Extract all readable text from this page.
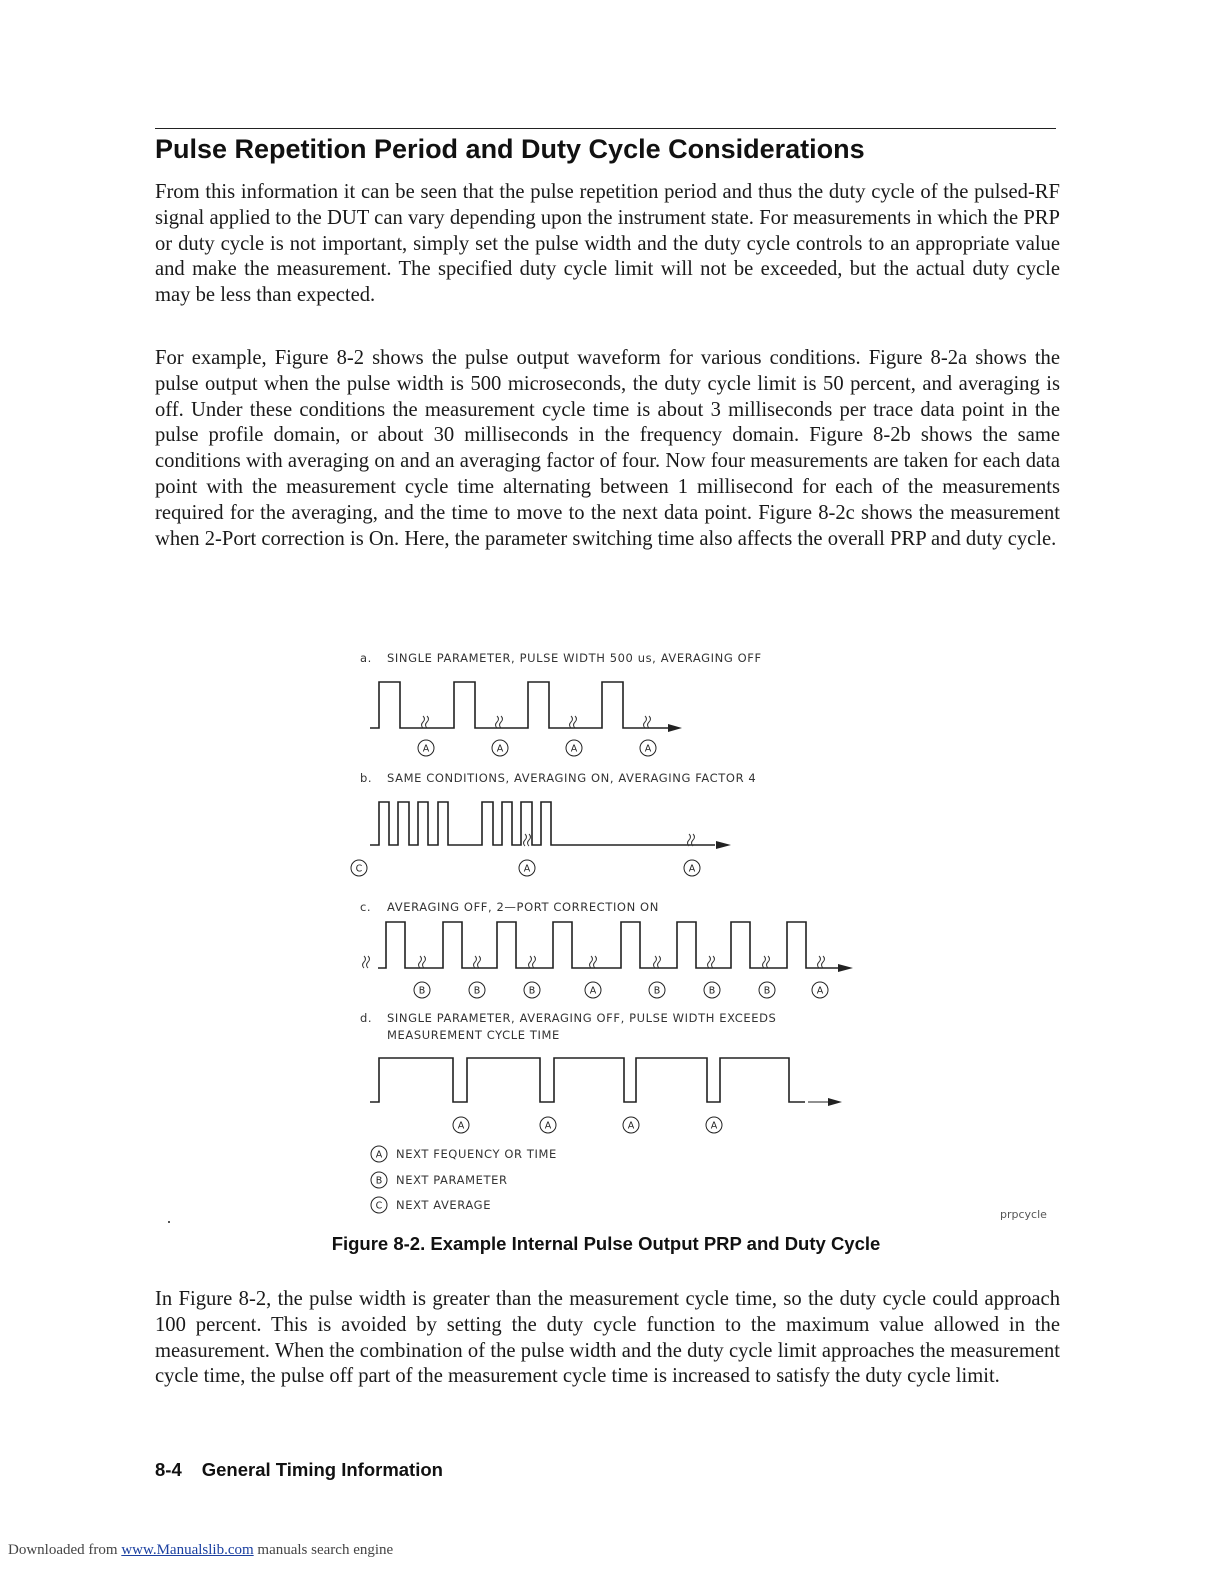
Pulse Repetition Period and Duty Cycle Considerations

From this information it can be seen that the pulse repetition period and thus the duty cycle of the pulsed-RF signal applied to the DUT can vary depending upon the instrument state. For measurements in which the PRP or duty cycle is not important, simply set the pulse width and the duty cycle controls to an appropriate value and make the measurement. The specified duty cycle limit will not be exceeded, but the actual duty cycle may be less than expected.

For example, Figure 8-2 shows the pulse output waveform for various conditions. Figure 8-2a shows the pulse output when the pulse width is 500 microseconds, the duty cycle limit is 50 percent, and averaging is off. Under these conditions the measurement cycle time is about 3 milliseconds per trace data point in the pulse profile domain, or about 30 milliseconds in the frequency domain. Figure 8-2b shows the same conditions with averaging on and an averaging factor of four. Now four measurements are taken for each data point with the measurement cycle time alternating between 1 millisecond for each of the measurements required for the averaging, and the time to move to the next data point. Figure 8-2c shows the measurement when 2-Port correction is On. Here, the parameter switching time also affects the overall PRP and duty cycle.

a. SINGLE PARAMETER, PULSE WIDTH 500 us, AVERAGING OFF
A	A	A	A
b. SAME CONDITIONS, AVERAGING ON, AVERAGING FACTOR 4
C	A	A
c. AVERAGING OFF, 2—PORT CORRECTION ON
B	B	B	A	B	B	B	A
d. SINGLE PARAMETER, AVERAGING OFF, PULSE WIDTH EXCEEDS
MEASUREMENT CYCLE TIME
A	A	A	A
A NEXT FEQUENCY OR TIME
B NEXT PARAMETER
C NEXT AVERAGE
prpcycle

Figure 8-2. Example Internal Pulse Output PRP and Duty Cycle

In Figure 8-2, the pulse width is greater than the measurement cycle time, so the duty cycle could approach 100 percent. This is avoided by setting the duty cycle function to the maximum value allowed in the measurement. When the combination of the pulse width and the duty cycle limit approaches the measurement cycle time, the pulse off part of the measurement cycle time is increased to satisfy the duty cycle limit.

8-4 General Timing Information
Downloaded from www.Manualslib.com manuals search engine
